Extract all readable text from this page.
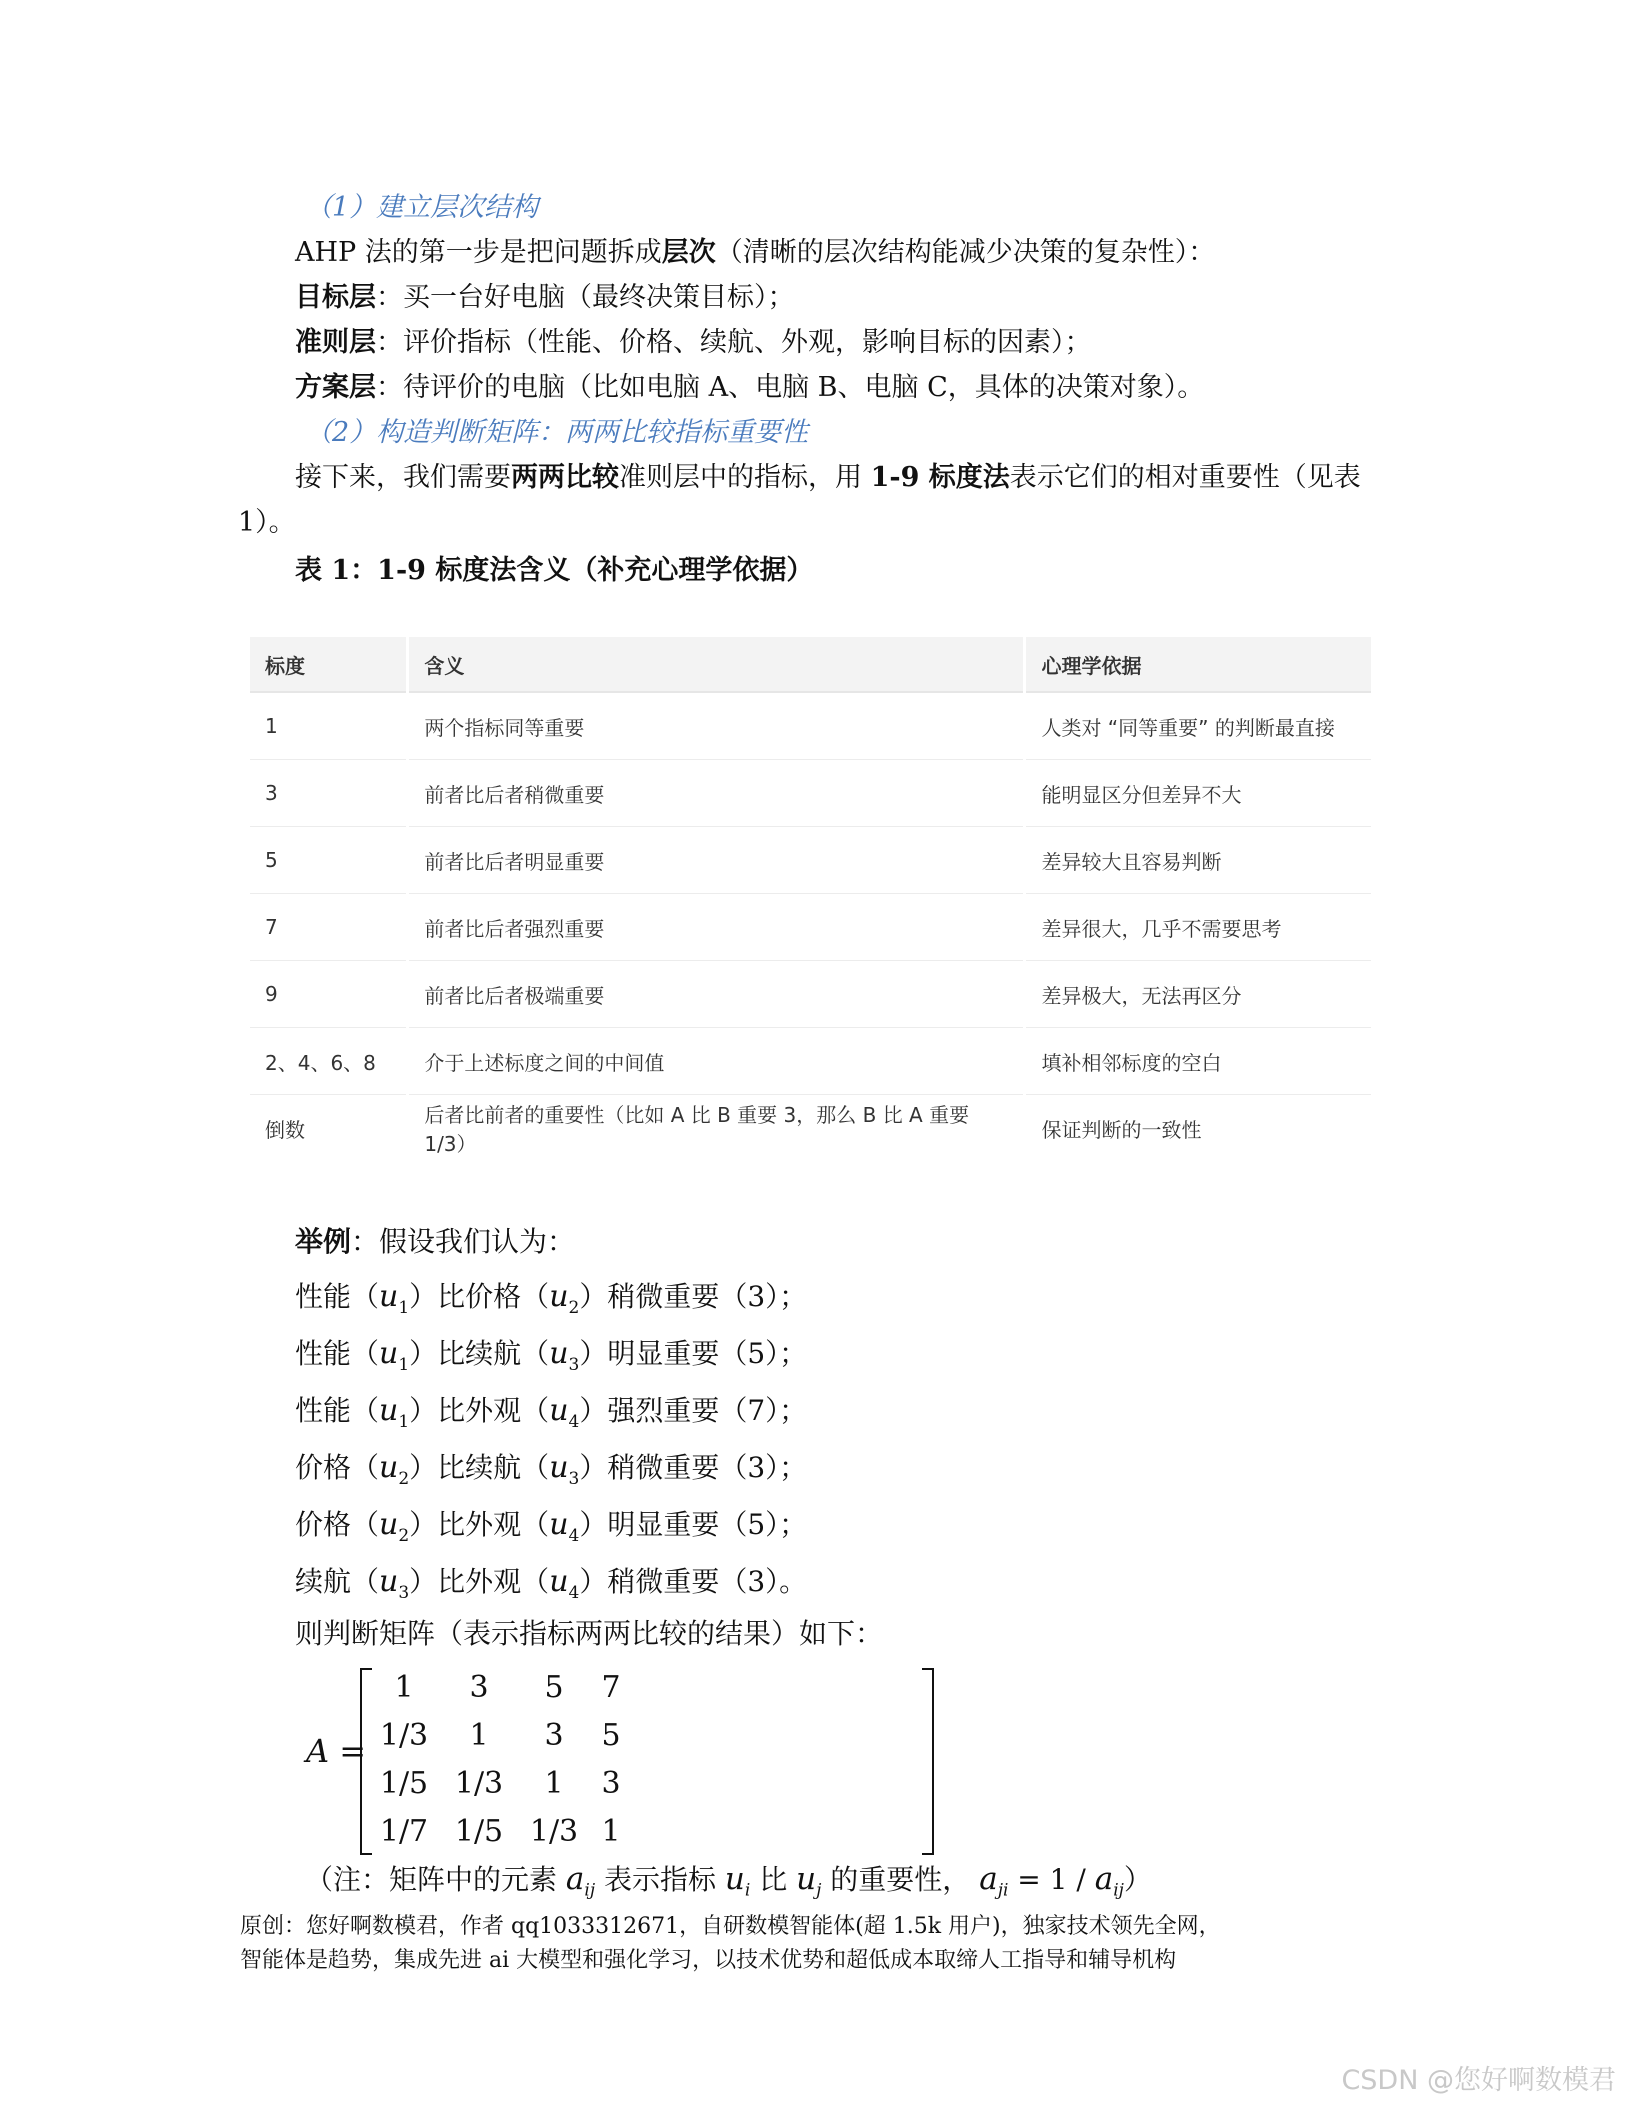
（1）建立层次结构
AHP 法的第一步是把问题拆成层次（清晰的层次结构能减少决策的复杂性）：
目标层：买一台好电脑（最终决策目标）；
准则层：评价指标（性能、价格、续航、外观，影响目标的因素）；
方案层：待评价的电脑（比如电脑 A、电脑 B、电脑 C，具体的决策对象）。
（2）构造判断矩阵：两两比较指标重要性
接下来，我们需要两两比较准则层中的指标，用 1-9 标度法表示它们的相对重要性（见表 1）。
表 1：1-9 标度法含义（补充心理学依据）
标度	含义	心理学依据
1	两个指标同等重要	人类对 “同等重要” 的判断最直接
3	前者比后者稍微重要	能明显区分但差异不大
5	前者比后者明显重要	差异较大且容易判断
7	前者比后者强烈重要	差异很大，几乎不需要思考
9	前者比后者极端重要	差异极大，无法再区分
2、4、6、8	介于上述标度之间的中间值	填补相邻标度的空白
倒数	后者比前者的重要性（比如 A 比 B 重要 3，那么 B 比 A 重要 1/3）	保证判断的一致性
举例：假设我们认为：
性能$(u_1)$比价格$(u_2)$稍微重要（3）；
性能$(u_1)$比续航$(u_3)$明显重要（5）；
性能$(u_1)$比外观$(u_4)$强烈重要（7）；
价格$(u_2)$比续航$(u_3)$稍微重要（3）；
价格$(u_2)$比外观$(u_4)$明显重要（5）；
续航$(u_3)$比外观$(u_4)$稍微重要（3）。
则判断矩阵（表示指标两两比较的结果）如下：
A =
1	3	5	7
1/3	1	3	5
1/5 1/3	1	3
1/7 1/5 1/3 1
（注：矩阵中的元素 $a_{ij}$ 表示指标 $u_i$ 比 $u_j$ 的重要性， $a_{ji} = 1 / a_{ij}$）
原创：您好啊数模君，作者 qq1033312671，自研数模智能体(超 1.5k 用户)，独家技术领先全网，
智能体是趋势，集成先进 ai 大模型和强化学习，以技术优势和超低成本取缔人工指导和辅导机构
CSDN @您好啊数模君
